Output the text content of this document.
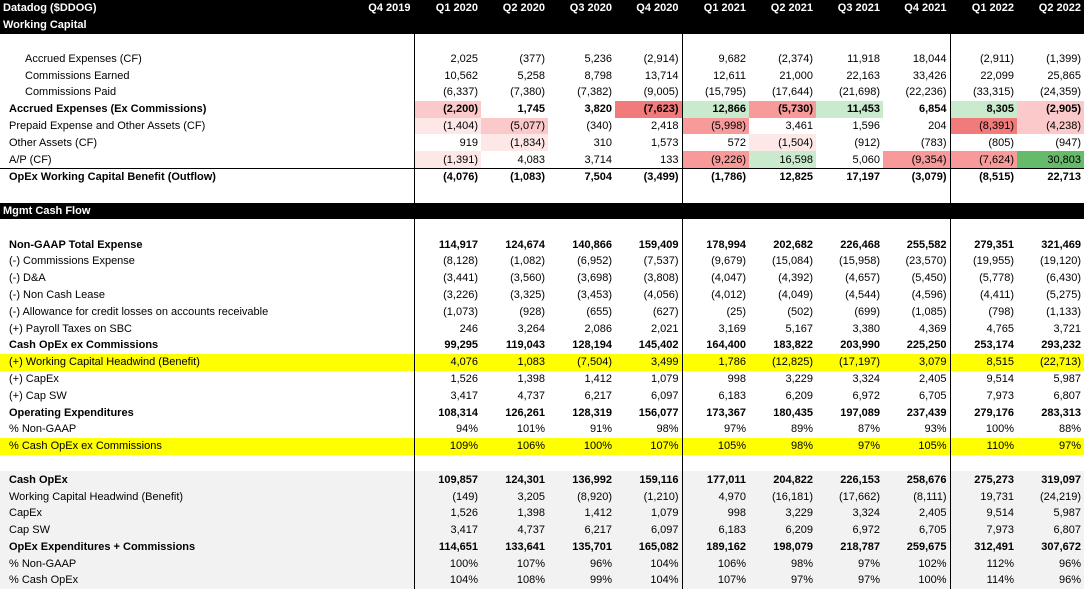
Datadog ($DDOG)	Q4 2019	Q1 2020	Q2 2020	Q3 2020	Q4 2020	Q1 2021	Q2 2021	Q3 2021	Q4 2021	Q1 2022	Q2 2022
Working Capital											

Accrued Expenses (CF)		2,025	(377)	5,236	(2,914)	9,682	(2,374)	11,918	18,044	(2,911)	(1,399)
Commissions Earned		10,562	5,258	8,798	13,714	12,611	21,000	22,163	33,426	22,099	25,865
Commissions Paid		(6,337)	(7,380)	(7,382)	(9,005)	(15,795)	(17,644)	(21,698)	(22,236)	(33,315)	(24,359)
Accrued Expenses (Ex Commissions)		(2,200)	1,745	3,820	(7,623)	12,866	(5,730)	11,453	6,854	8,305	(2,905)
Prepaid Expense and Other Assets (CF)		(1,404)	(5,077)	(340)	2,418	(5,998)	3,461	1,596	204	(8,391)	(4,238)
Other Assets (CF)		919	(1,834)	310	1,573	572	(1,504)	(912)	(783)	(805)	(947)
A/P (CF)		(1,391)	4,083	3,714	133	(9,226)	16,598	5,060	(9,354)	(7,624)	30,803
OpEx Working Capital Benefit (Outflow)		(4,076)	(1,083)	7,504	(3,499)	(1,786)	12,825	17,197	(3,079)	(8,515)	22,713

Mgmt Cash Flow											

Non-GAAP Total Expense		114,917	124,674	140,866	159,409	178,994	202,682	226,468	255,582	279,351	321,469
(-) Commissions Expense		(8,128)	(1,082)	(6,952)	(7,537)	(9,679)	(15,084)	(15,958)	(23,570)	(19,955)	(19,120)
(-) D&A		(3,441)	(3,560)	(3,698)	(3,808)	(4,047)	(4,392)	(4,657)	(5,450)	(5,778)	(6,430)
(-) Non Cash Lease		(3,226)	(3,325)	(3,453)	(4,056)	(4,012)	(4,049)	(4,544)	(4,596)	(4,411)	(5,275)
(-) Allowance for credit losses on accounts receivable		(1,073)	(928)	(655)	(627)	(25)	(502)	(699)	(1,085)	(798)	(1,133)
(+) Payroll Taxes on SBC		246	3,264	2,086	2,021	3,169	5,167	3,380	4,369	4,765	3,721
Cash OpEx ex Commissions		99,295	119,043	128,194	145,402	164,400	183,822	203,990	225,250	253,174	293,232
(+) Working Capital Headwind (Benefit)		4,076	1,083	(7,504)	3,499	1,786	(12,825)	(17,197)	3,079	8,515	(22,713)
(+) CapEx		1,526	1,398	1,412	1,079	998	3,229	3,324	2,405	9,514	5,987
(+) Cap SW		3,417	4,737	6,217	6,097	6,183	6,209	6,972	6,705	7,973	6,807
Operating Expenditures		108,314	126,261	128,319	156,077	173,367	180,435	197,089	237,439	279,176	283,313
% Non-GAAP		94%	101%	91%	98%	97%	89%	87%	93%	100%	88%
% Cash OpEx ex Commissions		109%	106%	100%	107%	105%	98%	97%	105%	110%	97%

Cash OpEx		109,857	124,301	136,992	159,116	177,011	204,822	226,153	258,676	275,273	319,097
Working Capital Headwind (Benefit)		(149)	3,205	(8,920)	(1,210)	4,970	(16,181)	(17,662)	(8,111)	19,731	(24,219)
CapEx		1,526	1,398	1,412	1,079	998	3,229	3,324	2,405	9,514	5,987
Cap SW		3,417	4,737	6,217	6,097	6,183	6,209	6,972	6,705	7,973	6,807
OpEx Expenditures + Commissions		114,651	133,641	135,701	165,082	189,162	198,079	218,787	259,675	312,491	307,672
% Non-GAAP		100%	107%	96%	104%	106%	98%	97%	102%	112%	96%
% Cash OpEx		104%	108%	99%	104%	107%	97%	97%	100%	114%	96%
